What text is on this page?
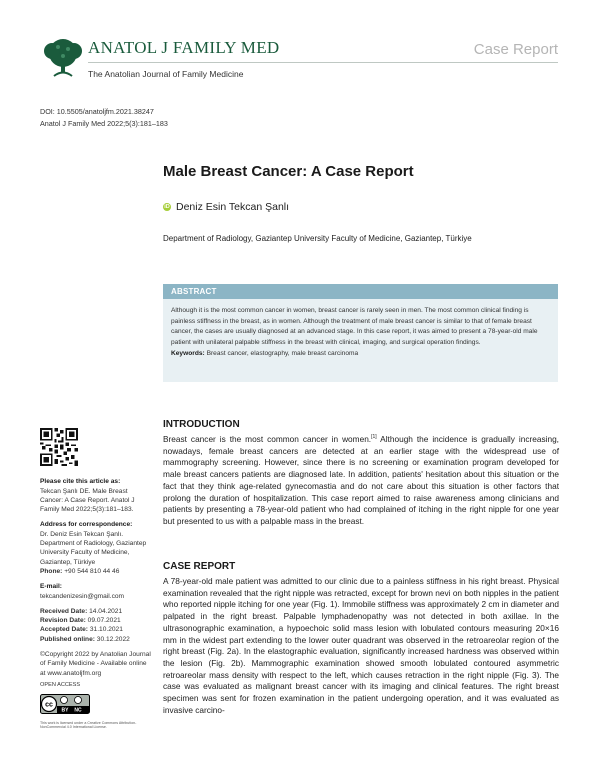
ANATOL J FAMILY MED
The Anatolian Journal of Family Medicine
Case Report
DOI: 10.5505/anatoljfm.2021.38247
Anatol J Family Med 2022;5(3):181–183
Male Breast Cancer: A Case Report
iD Deniz Esin Tekcan Şanlı
Department of Radiology, Gaziantep University Faculty of Medicine, Gaziantep, Türkiye
ABSTRACT
Although it is the most common cancer in women, breast cancer is rarely seen in men. The most common clinical finding is painless stiffness in the breast, as in women. Although the treatment of male breast cancer is similar to that of female breast cancer, the cases are usually diagnosed at an advanced stage. In this case report, it was aimed to present a 78-year-old male patient with unilateral palpable stiffness in the breast with clinical, imaging, and surgical operation findings.
Keywords: Breast cancer, elastography, male breast carcinoma
Please cite this article as:
Tekcan Şanlı DE. Male Breast Cancer: A Case Report. Anatol J Family Med 2022;5(3):181–183.
Address for correspondence:
Dr. Deniz Esin Tekcan Şanlı. Department of Radiology, Gaziantep University Faculty of Medicine, Gaziantep, Türkiye
Phone: +90 544 810 44 46
E-mail:
tekcandenizesin@gmail.com
Received Date: 14.04.2021
Revision Date: 09.07.2021
Accepted Date: 31.10.2021
Published online: 30.12.2022
©Copyright 2022 by Anatolian Journal of Family Medicine - Available online at www.anatoljfm.org
OPEN ACCESS
cc
BY NC
This work is licensed under a Creative Commons Attribution-NonCommercial 4.0 International License.
INTRODUCTION
Breast cancer is the most common cancer in women.[1] Although the incidence is gradually increasing, nowadays, female breast cancers are detected at an earlier stage with the widespread use of mammography screening. However, since there is no screening or examination program developed for male breast cancers patients are diagnosed late. In addition, patients' hesitation about this situation or the fact that they think age-related gynecomastia and do not care about this situation is other factors that prolong the duration of hospitalization. This case report aimed to raise awareness among clinicians and patients by presenting a 78-year-old patient who had complained of itching in the right nipple for one year but presented to us with a palpable mass in the breast.
CASE REPORT
A 78-year-old male patient was admitted to our clinic due to a painless stiffness in his right breast. Physical examination revealed that the right nipple was retracted, except for brown nevi on both nipples in the patient who reported nipple itching for one year (Fig. 1). Immobile stiffness was approximately 2 cm in diameter and palpated in the right breast. Palpable lymphadenopathy was not detected in both axillae. In the ultrasonographic examination, a hypoechoic solid mass lesion with lobulated contours measuring 20×16 mm in the widest part extending to the lower outer quadrant was observed in the retroareolar region of the right breast (Fig. 2a). In the elastographic evaluation, significantly increased hardness was observed within the lesion (Fig. 2b). Mammographic examination showed smooth lobulated contoured asymmetric retroareolar mass density with respect to the left, which causes retraction in the right nipple (Fig. 3). The case was evaluated as malignant breast cancer with its imaging and clinical features. The right breast specimen was sent for frozen examination in the patient undergoing operation, and it was evaluated as invasive carcino-
